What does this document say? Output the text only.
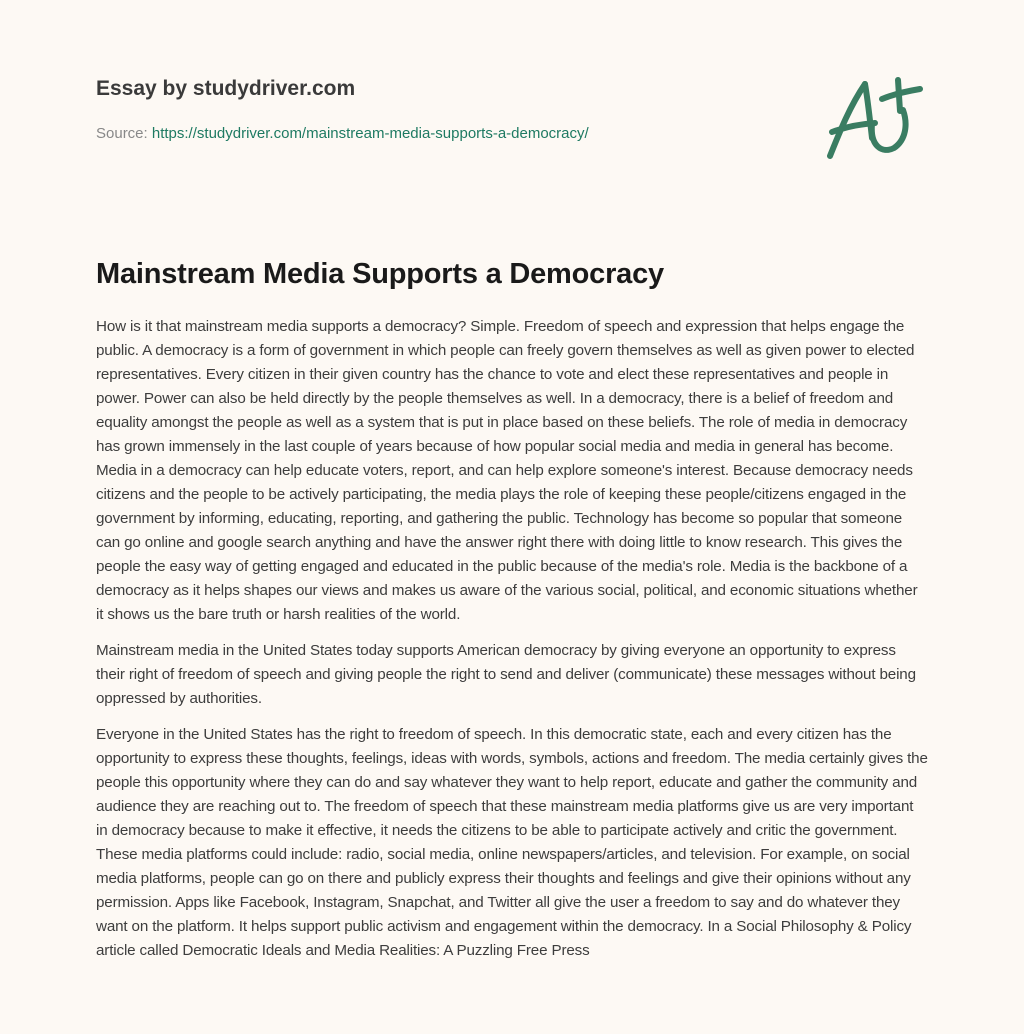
Essay by studydriver.com
Source: https://studydriver.com/mainstream-media-supports-a-democracy/
Mainstream Media Supports a Democracy

How is it that mainstream media supports a democracy? Simple. Freedom of speech and expression that helps engage the public. A democracy is a form of government in which people can freely govern themselves as well as given power to elected representatives. Every citizen in their given country has the chance to vote and elect these representatives and people in power. Power can also be held directly by the people themselves as well. In a democracy, there is a belief of freedom and equality amongst the people as well as a system that is put in place based on these beliefs. The role of media in democracy has grown immensely in the last couple of years because of how popular social media and media in general has become. Media in a democracy can help educate voters, report, and can help explore someone's interest. Because democracy needs citizens and the people to be actively participating, the media plays the role of keeping these people/citizens engaged in the government by informing, educating, reporting, and gathering the public. Technology has become so popular that someone can go online and google search anything and have the answer right there with doing little to know research. This gives the people the easy way of getting engaged and educated in the public because of the media's role. Media is the backbone of a democracy as it helps shapes our views and makes us aware of the various social, political, and economic situations whether it shows us the bare truth or harsh realities of the world.

Mainstream media in the United States today supports American democracy by giving everyone an opportunity to express their right of freedom of speech and giving people the right to send and deliver (communicate) these messages without being oppressed by authorities.

Everyone in the United States has the right to freedom of speech. In this democratic state, each and every citizen has the opportunity to express these thoughts, feelings, ideas with words, symbols, actions and freedom. The media certainly gives the people this opportunity where they can do and say whatever they want to help report, educate and gather the community and audience they are reaching out to. The freedom of speech that these mainstream media platforms give us are very important in democracy because to make it effective, it needs the citizens to be able to participate actively and critic the government. These media platforms could include: radio, social media, online newspapers/articles, and television. For example, on social media platforms, people can go on there and publicly express their thoughts and feelings and give their opinions without any permission. Apps like Facebook, Instagram, Snapchat, and Twitter all give the user a freedom to say and do whatever they want on the platform. It helps support public activism and engagement within the democracy. In a Social Philosophy & Policy article called Democratic Ideals and Media Realities: A Puzzling Free Press
